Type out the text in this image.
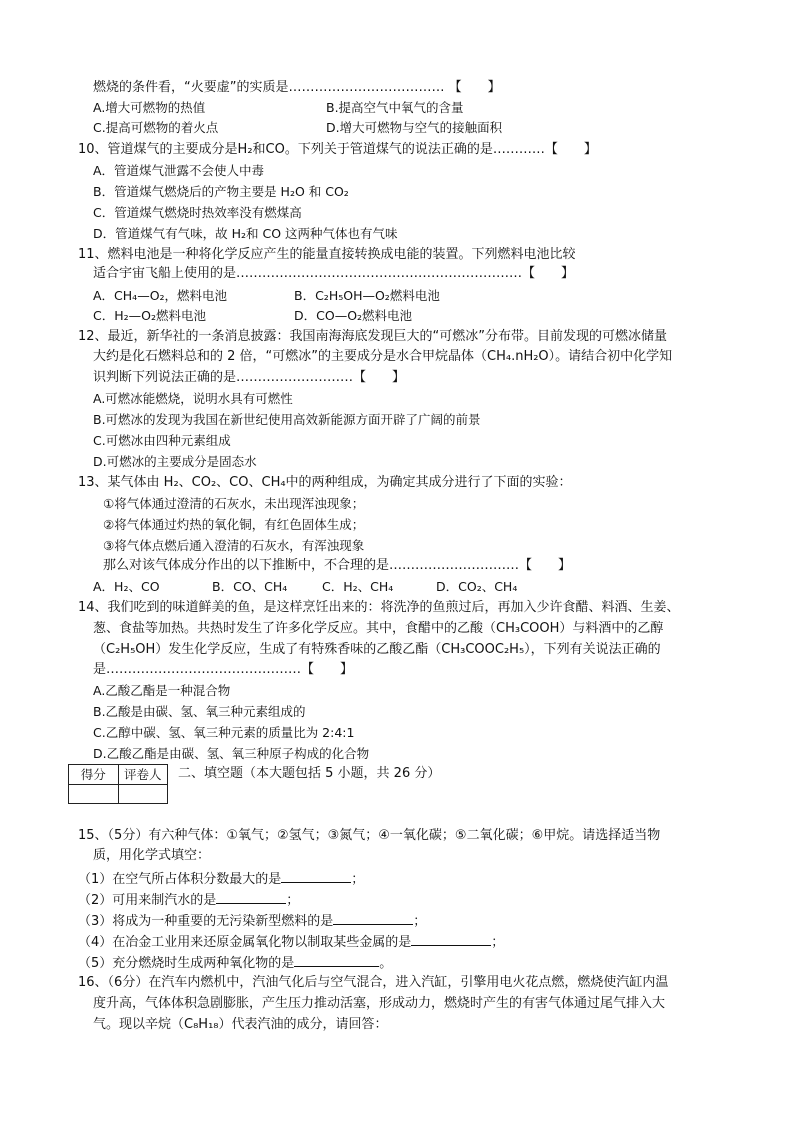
燃烧的条件看，“火要虚”的实质是……………………………… 【　　】
A.增大可燃物的热值	B.提高空气中氧气的含量
C.提高可燃物的着火点	D.增大可燃物与空气的接触面积
10、管道煤气的主要成分是H₂和CO。下列关于管道煤气的说法正确的是…………【　　】
A．管道煤气泄露不会使人中毒
B．管道煤气燃烧后的产物主要是 H₂O 和 CO₂
C．管道煤气燃烧时热效率没有燃煤高
D．管道煤气有气味，故 H₂和 CO 这两种气体也有气味
11、燃料电池是一种将化学反应产生的能量直接转换成电能的装置。下列燃料电池比较
适合宇宙飞船上使用的是…………………………………………………………【　　】
A．CH₄—O₂，燃料电池	B．C₂H₅OH—O₂燃料电池
C．H₂—O₂燃料电池	D．CO—O₂燃料电池
12、最近，新华社的一条消息披露：我国南海海底发现巨大的“可燃冰”分布带。目前发现的可燃冰储量
大约是化石燃料总和的 2 倍，“可燃冰”的主要成分是水合甲烷晶体（CH₄.nH₂O）。请结合初中化学知
识判断下列说法正确的是………………………【　　】
A.可燃冰能燃烧，说明水具有可燃性
B.可燃冰的发现为我国在新世纪使用高效新能源方面开辟了广阔的前景
C.可燃冰由四种元素组成
D.可燃冰的主要成分是固态水
13、某气体由 H₂、CO₂、CO、CH₄中的两种组成，为确定其成分进行了下面的实验：
①将气体通过澄清的石灰水，未出现浑浊现象；
②将气体通过灼热的氧化铜，有红色固体生成；
③将气体点燃后通入澄清的石灰水，有浑浊现象
那么对该气体成分作出的以下推断中，不合理的是…………………………【　　】
A．H₂、CO	B．CO、CH₄	C．H₂、CH₄	D．CO₂、CH₄
14、我们吃到的味道鲜美的鱼，是这样烹饪出来的：将洗净的鱼煎过后，再加入少许食醋、料酒、生姜、
葱、食盐等加热。共热时发生了许多化学反应。其中，食醋中的乙酸（CH₃COOH）与料酒中的乙醇
（C₂H₅OH）发生化学反应，生成了有特殊香味的乙酸乙酯（CH₃COOC₂H₅），下列有关说法正确的
是………………………………………【　　】
A.乙酸乙酯是一种混合物
B.乙酸是由碳、氢、氧三种元素组成的
C.乙醇中碳、氢、氧三种元素的质量比为 2:4:1
D.乙酸乙酯是由碳、氢、氧三种原子构成的化合物
得分	评卷人
	二、填空题（本大题包括 5 小题，共 26 分）
15、（5分）有六种气体：①氧气；②氢气；③氮气；④一氧化碳；⑤二氧化碳；⑥甲烷。请选择适当物
质，用化学式填空：
（1）在空气所占体积分数最大的是	；
（2）可用来制汽水的是	；
（3）将成为一种重要的无污染新型燃料的是	；
（4）在冶金工业用来还原金属氧化物以制取某些金属的是	；
（5）充分燃烧时生成两种氧化物的是	。
16、（6分）在汽车内燃机中，汽油气化后与空气混合，进入汽缸，引擎用电火花点燃，燃烧使汽缸内温
度升高，气体体积急剧膨胀，产生压力推动活塞，形成动力，燃烧时产生的有害气体通过尾气排入大
气。现以辛烷（C₈H₁₈）代表汽油的成分，请回答：
